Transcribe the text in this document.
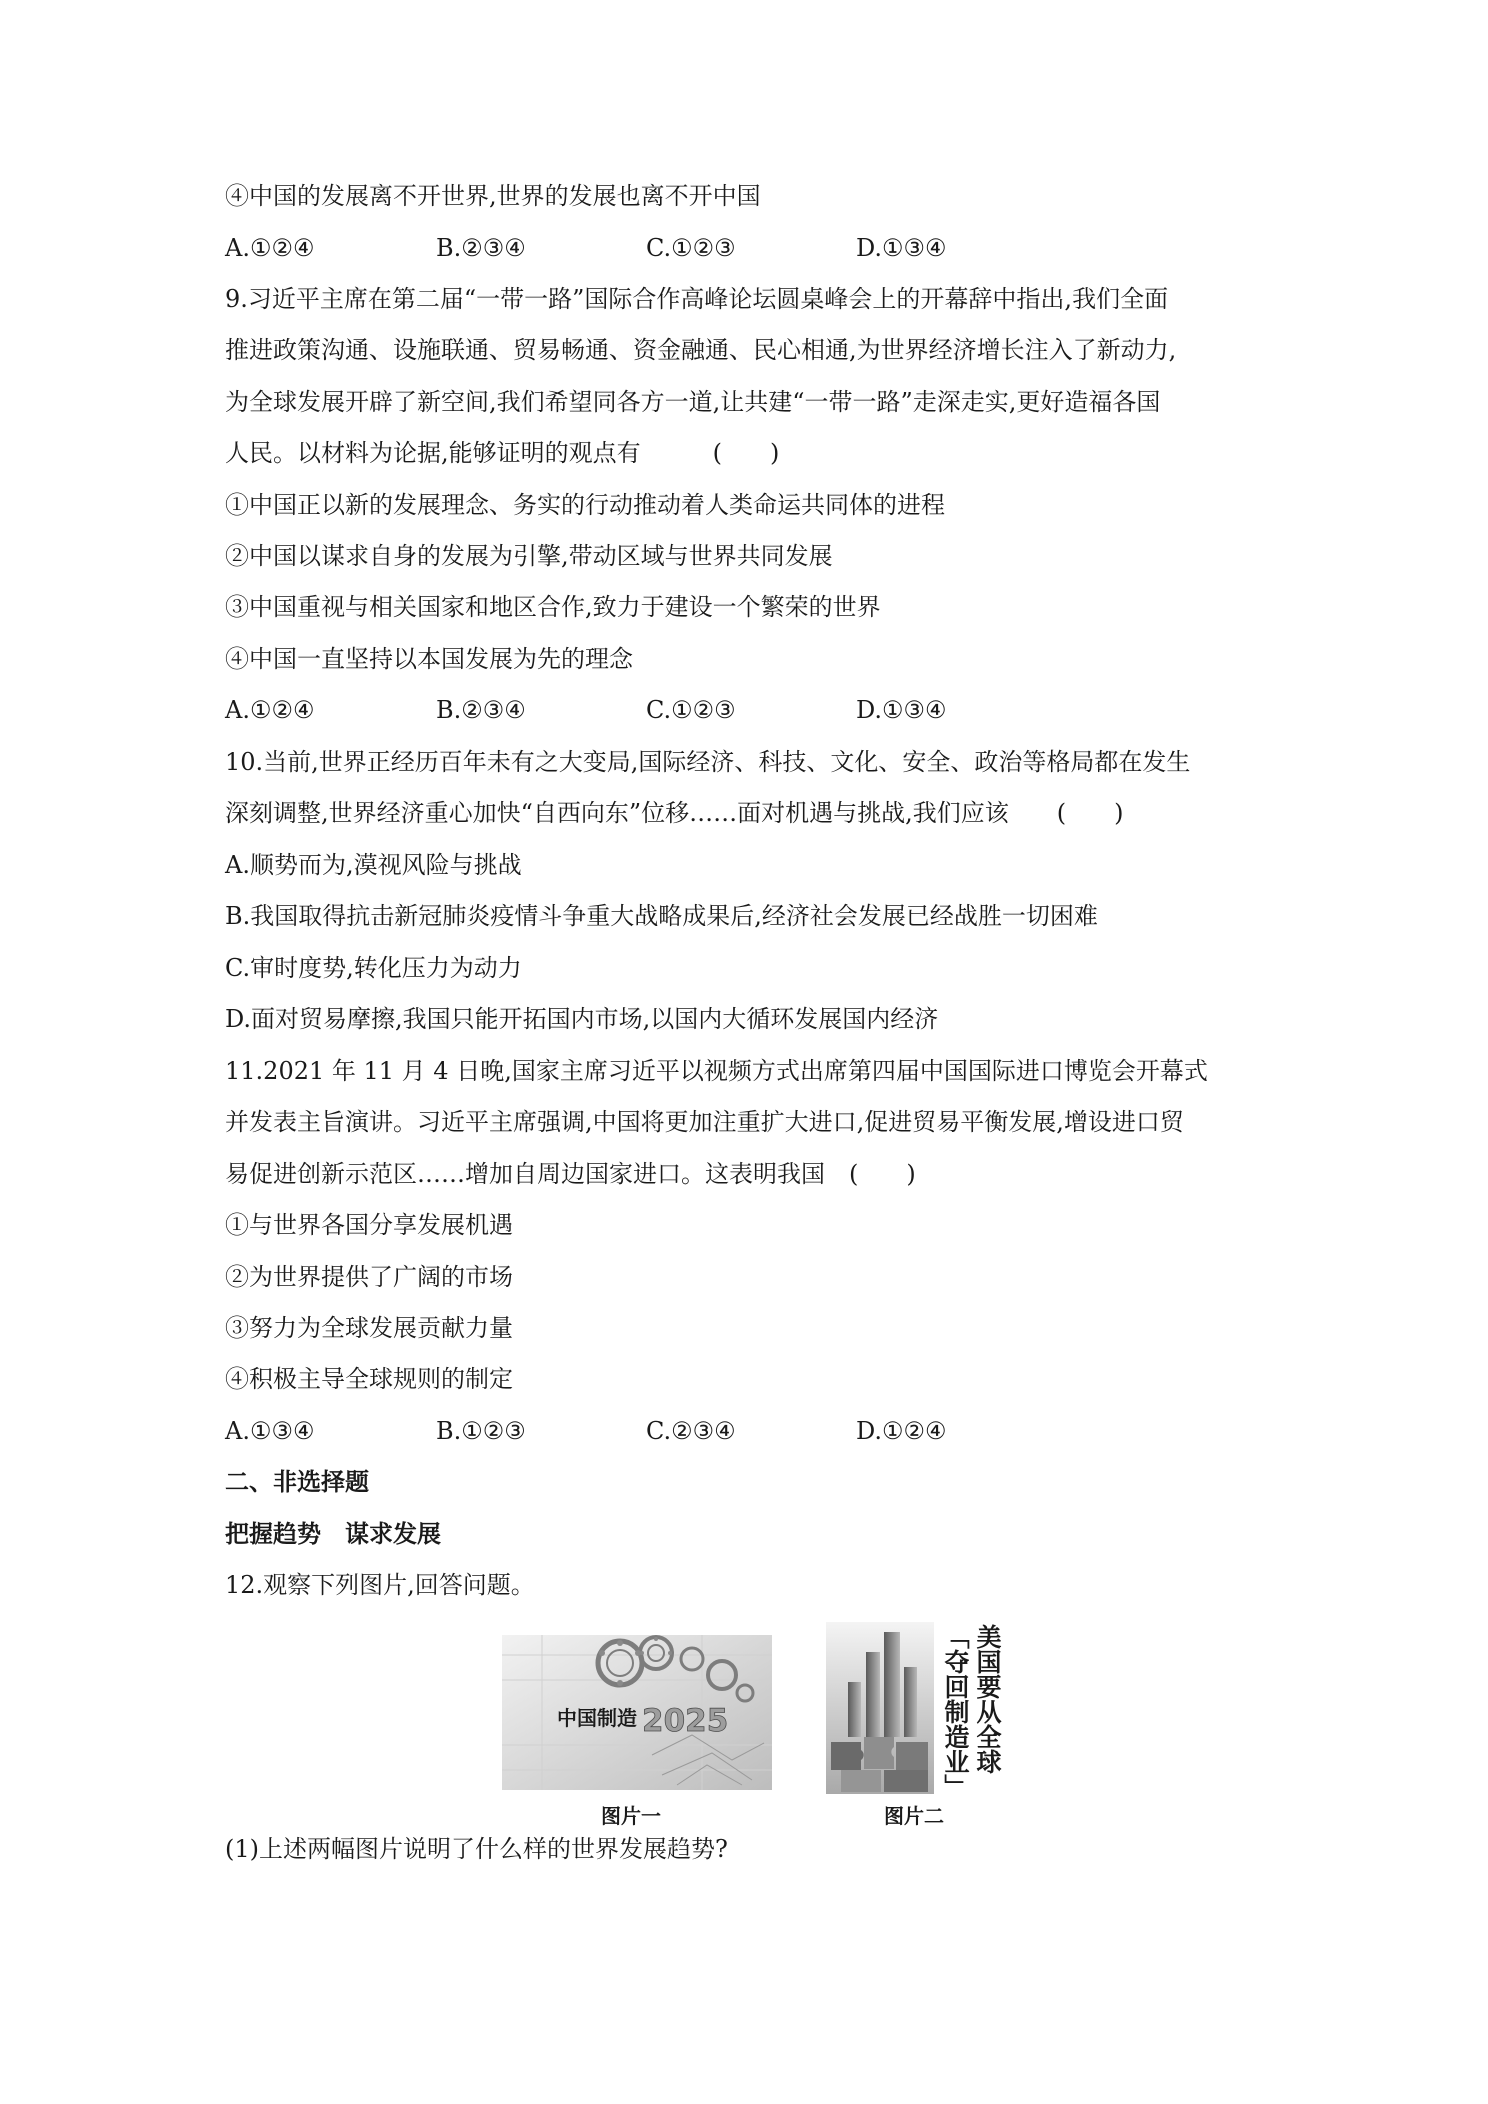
④中国的发展离不开世界,世界的发展也离不开中国
A.①②④	B.②③④	C.①②③	D.①③④
9.习近平主席在第二届“一带一路”国际合作高峰论坛圆桌峰会上的开幕辞中指出,我们全面
推进政策沟通、设施联通、贸易畅通、资金融通、民心相通,为世界经济增长注入了新动力,
为全球发展开辟了新空间,我们希望同各方一道,让共建“一带一路”走深走实,更好造福各国
人民。以材料为论据,能够证明的观点有　　　(　　)
①中国正以新的发展理念、务实的行动推动着人类命运共同体的进程
②中国以谋求自身的发展为引擎,带动区域与世界共同发展
③中国重视与相关国家和地区合作,致力于建设一个繁荣的世界
④中国一直坚持以本国发展为先的理念
A.①②④	B.②③④	C.①②③	D.①③④
10.当前,世界正经历百年未有之大变局,国际经济、科技、文化、安全、政治等格局都在发生
深刻调整,世界经济重心加快“自西向东”位移……面对机遇与挑战,我们应该　　(　　)
A.顺势而为,漠视风险与挑战
B.我国取得抗击新冠肺炎疫情斗争重大战略成果后,经济社会发展已经战胜一切困难
C.审时度势,转化压力为动力
D.面对贸易摩擦,我国只能开拓国内市场,以国内大循环发展国内经济
11.2021 年 11 月 4 日晚,国家主席习近平以视频方式出席第四届中国国际进口博览会开幕式
并发表主旨演讲。习近平主席强调,中国将更加注重扩大进口,促进贸易平衡发展,增设进口贸
易促进创新示范区……增加自周边国家进口。这表明我国　(　　)
①与世界各国分享发展机遇
②为世界提供了广阔的市场
③努力为全球发展贡献力量
④积极主导全球规则的制定
A.①③④	B.①②③	C.②③④	D.①②④
二、非选择题
把握趋势　谋求发展
12.观察下列图片,回答问题。
中国制造 2025
图片一
美国要从全球
「夺回制造业」
图片二
(1)上述两幅图片说明了什么样的世界发展趋势?
